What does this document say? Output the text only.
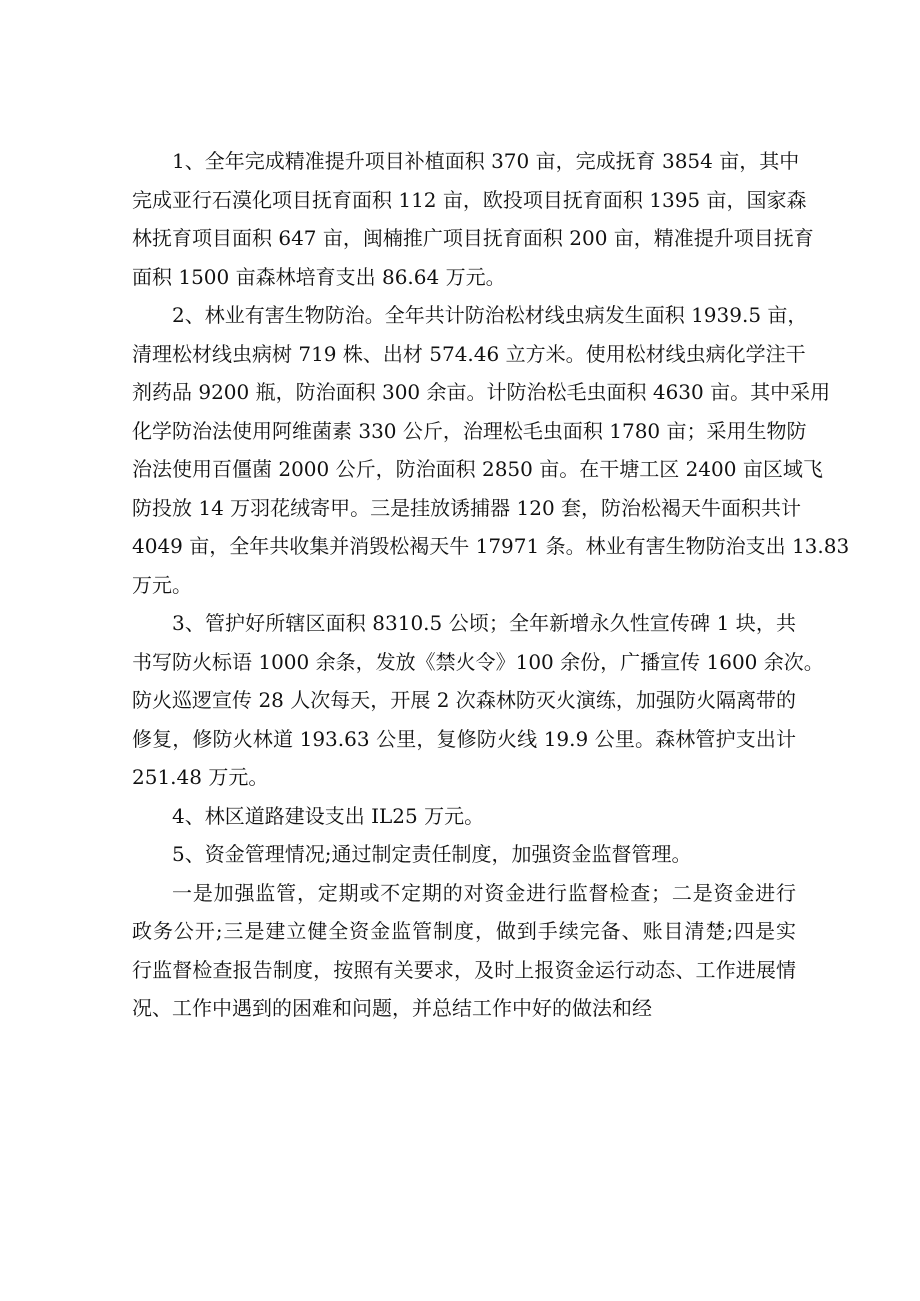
1、全年完成精准提升项目补植面积 370 亩，完成抚育 3854 亩，其中
完成亚行石漠化项目抚育面积 112 亩，欧投项目抚育面积 1395 亩，国家森
林抚育项目面积 647 亩，闽楠推广项目抚育面积 200 亩，精准提升项目抚育
面积 1500 亩森林培育支出 86.64 万元。
2、林业有害生物防治。全年共计防治松材线虫病发生面积 1939.5 亩，
清理松材线虫病树 719 株、出材 574.46 立方米。使用松材线虫病化学注干
剂药品 9200 瓶，防治面积 300 余亩。计防治松毛虫面积 4630 亩。其中采用
化学防治法使用阿维菌素 330 公斤，治理松毛虫面积 1780 亩；采用生物防
治法使用百僵菌 2000 公斤，防治面积 2850 亩。在干塘工区 2400 亩区域飞
防投放 14 万羽花绒寄甲。三是挂放诱捕器 120 套，防治松褐天牛面积共计
4049 亩，全年共收集并消毁松褐天牛 17971 条。林业有害生物防治支出 13.83
万元。
3、管护好所辖区面积 8310.5 公顷；全年新增永久性宣传碑 1 块，共
书写防火标语 1000 余条，发放《禁火令》100 余份，广播宣传 1600 余次。
防火巡逻宣传 28 人次每天，开展 2 次森林防灭火演练，加强防火隔离带的
修复，修防火林道 193.63 公里，复修防火线 19.9 公里。森林管护支出计
251.48 万元。
4、林区道路建设支出 IL25 万元。
5、资金管理情况;通过制定责任制度，加强资金监督管理。
一是加强监管，定期或不定期的对资金进行监督检查；二是资金进行
政务公开;三是建立健全资金监管制度，做到手续完备、账目清楚;四是实
行监督检查报告制度，按照有关要求，及时上报资金运行动态、工作进展情
况、工作中遇到的困难和问题，并总结工作中好的做法和经
